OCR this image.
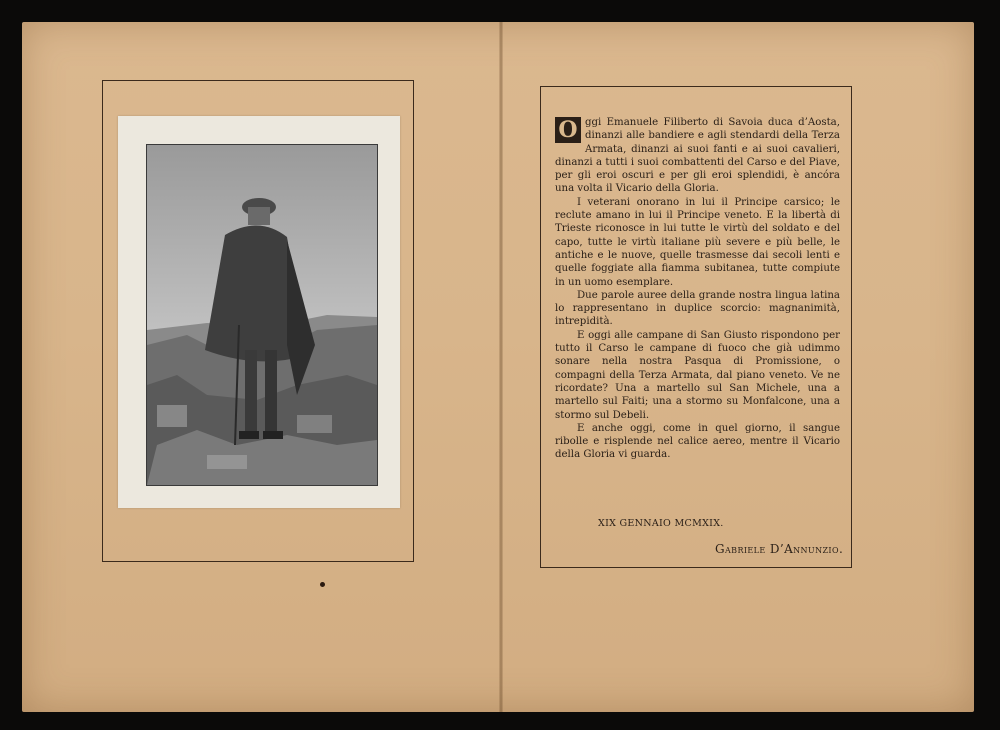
O ggi Emanuele Filiberto di Savoia duca d’Aosta, dinanzi alle bandiere e agli stendardi della Terza Armata, dinanzi ai suoi fanti e ai suoi cavalieri, dinanzi a tutti i suoi combattenti del Carso e del Piave, per gli eroi oscuri e per gli eroi splendidi, è ancóra una volta il Vicario della Gloria.

I veterani onorano in lui il Principe carsico; le reclute amano in lui il Principe veneto. E la libertà di Trieste riconosce in lui tutte le virtù del soldato e del capo, tutte le virtù italiane più severe e più belle, le antiche e le nuove, quelle trasmesse dai secoli lenti e quelle foggiate alla fiamma subitanea, tutte compiute in un uomo esemplare.

Due parole auree della grande nostra lingua latina lo rappresentano in duplice scorcio: magnanimità, intrepidità.

E oggi alle campane di San Giusto rispondono per tutto il Carso le campane di fuoco che già udimmo sonare nella nostra Pasqua di Promissione, o compagni della Terza Armata, dal piano veneto. Ve ne ricordate? Una a martello sul San Michele, una a martello sul Faiti; una a stormo su Monfalcone, una a stormo sul Debeli.

E anche oggi, come in quel giorno, il sangue ribolle e risplende nel calice aereo, mentre il Vicario della Gloria vi guarda.

XIX GENNAIO MCMXIX.
Gabriele D’Annunzio.
